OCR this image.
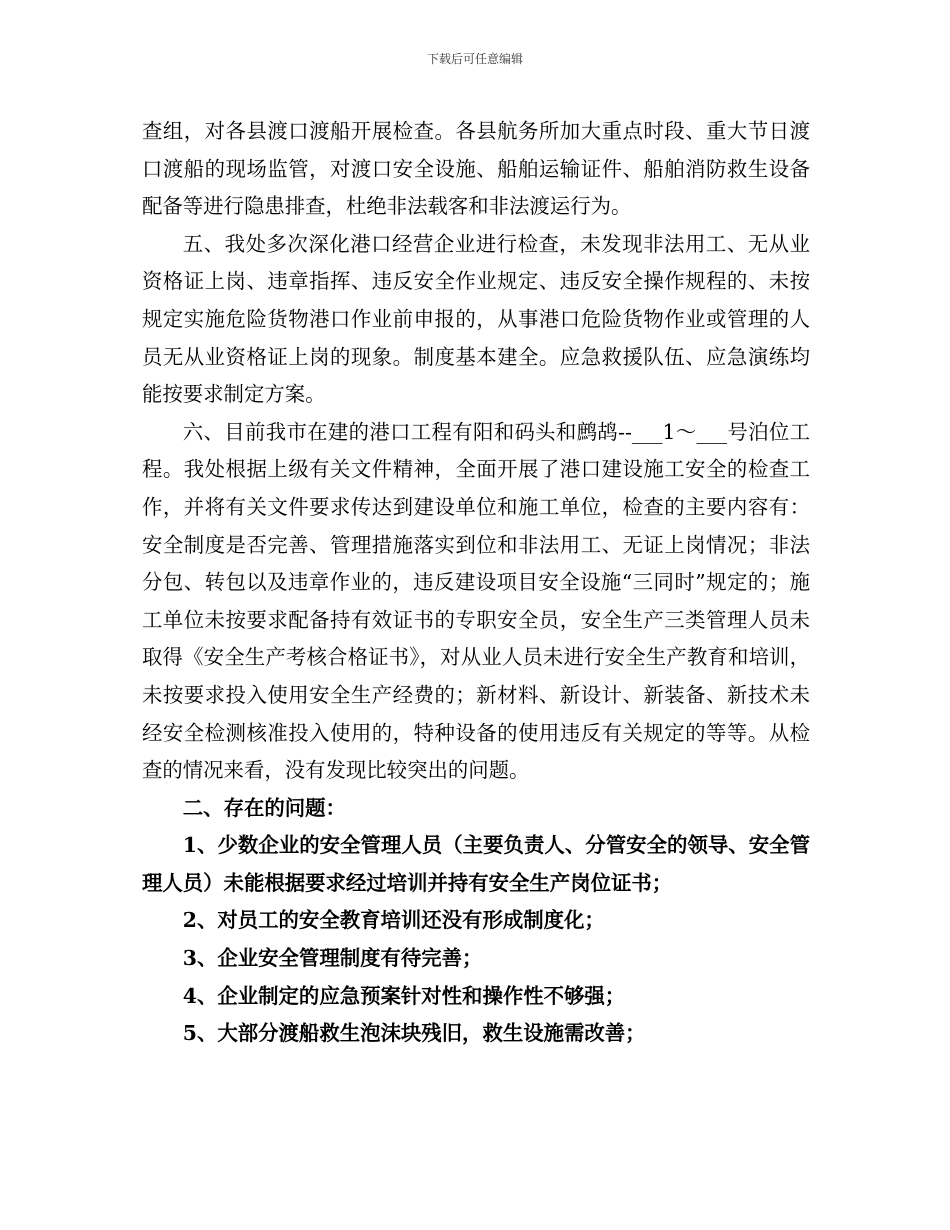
下载后可任意编辑

查组，对各县渡口渡船开展检查。各县航务所加大重点时段、重大节日渡口渡船的现场监管，对渡口安全设施、船舶运输证件、船舶消防救生设备配备等进行隐患排查，杜绝非法载客和非法渡运行为。

五、我处多次深化港口经营企业进行检查，未发现非法用工、无从业资格证上岗、违章指挥、违反安全作业规定、违反安全操作规程的、未按规定实施危险货物港口作业前申报的，从事港口危险货物作业或管理的人员无从业资格证上岗的现象。制度基本建全。应急救援队伍、应急演练均能按要求制定方案。

六、目前我市在建的港口工程有阳和码头和鹧鸪--___1～___号泊位工程。我处根据上级有关文件精神，全面开展了港口建设施工安全的检查工作，并将有关文件要求传达到建设单位和施工单位，检查的主要内容有：安全制度是否完善、管理措施落实到位和非法用工、无证上岗情况；非法分包、转包以及违章作业的，违反建设项目安全设施“三同时”规定的；施工单位未按要求配备持有效证书的专职安全员，安全生产三类管理人员未取得《安全生产考核合格证书》，对从业人员未进行安全生产教育和培训，未按要求投入使用安全生产经费的；新材料、新设计、新装备、新技术未经安全检测核准投入使用的，特种设备的使用违反有关规定的等等。从检查的情况来看，没有发现比较突出的问题。

二、存在的问题：

1、少数企业的安全管理人员（主要负责人、分管安全的领导、安全管理人员）未能根据要求经过培训并持有安全生产岗位证书；

2、对员工的安全教育培训还没有形成制度化；

3、企业安全管理制度有待完善；

4、企业制定的应急预案针对性和操作性不够强；

5、大部分渡船救生泡沫块残旧，救生设施需改善；
